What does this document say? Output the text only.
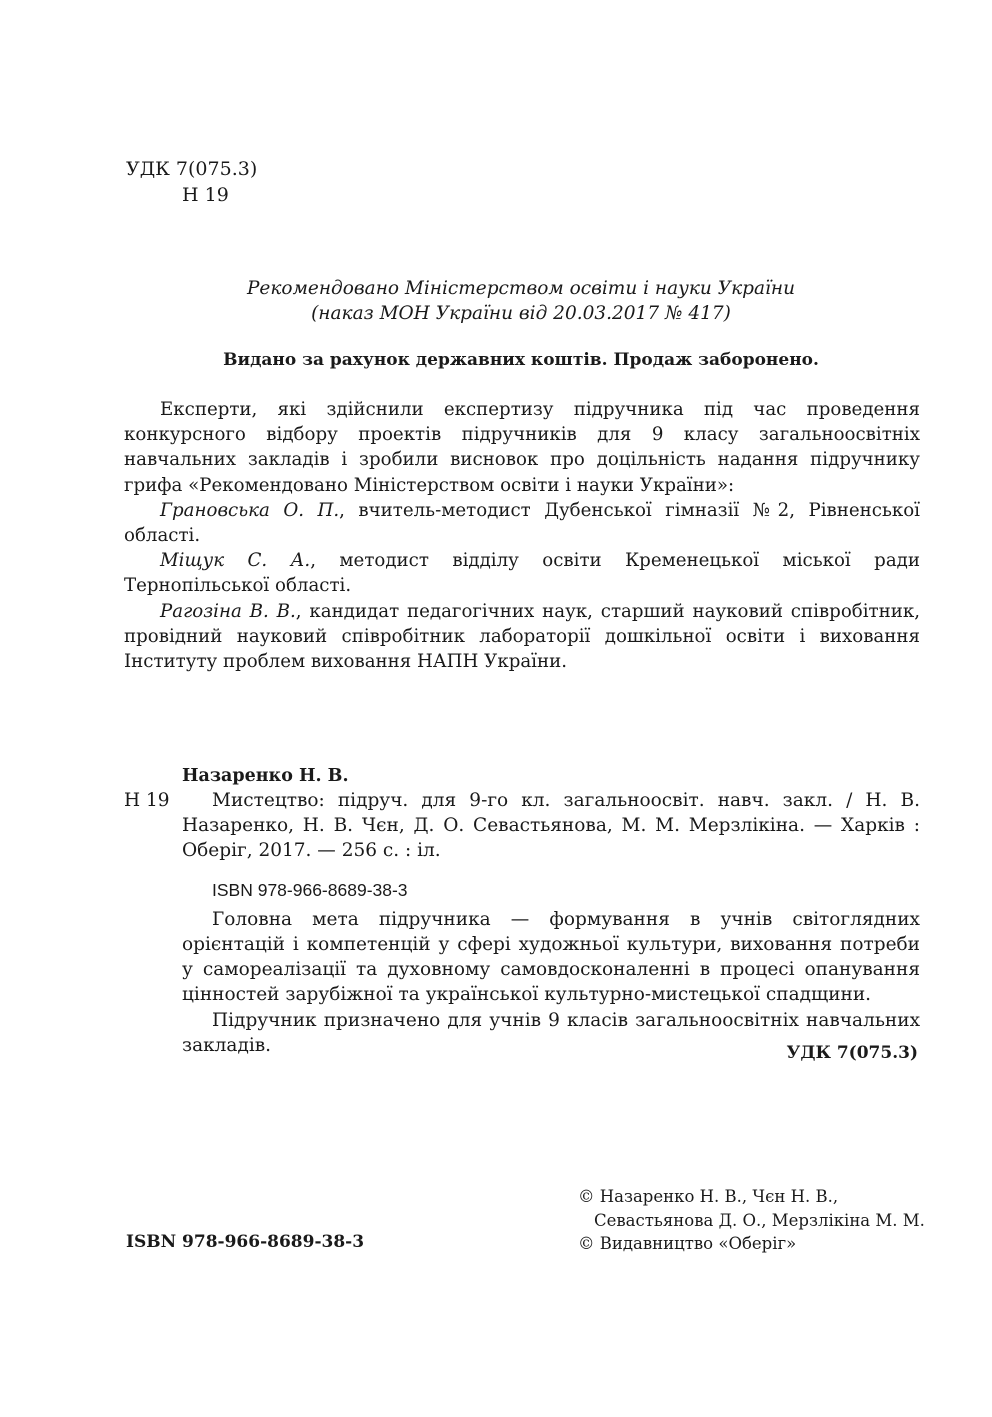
УДК 7(075.3)
Н 19
Рекомендовано Міністерством освіти і науки України
(наказ МОН України від 20.03.2017 № 417)
Видано за рахунок державних коштів. Продаж заборонено.

Експерти, які здійснили експертизу підручника під час проведення конкурсного відбору проектів підручників для 9 класу загальноосвітніх навчальних закладів і зробили висновок про доцільність надання підручнику грифа «Рекомендовано Міністерством освіти і науки України»:

Грановська О. П., вчитель-методист Дубенської гімназії №2, Рівненської області.

Міщук С. А., методист відділу освіти Кременецької міської ради Тернопільської області.

Рагозіна В. В., кандидат педагогічних наук, старший науковий співробітник, провідний науковий співробітник лабораторії дошкільної освіти і виховання Інституту проблем виховання НАПН України.

Назаренко Н. В.
Н 19	Мистецтво: підруч. для 9-го кл. загальноосвіт. навч. закл. / Н. В. Назаренко, Н. В. Чєн, Д. О. Севастьянова, М. М. Мерзлікіна. — Харків : Оберіг, 2017. — 256 с. : іл.

ISBN 978-966-8689-38-3

Головна мета підручника — формування в учнів світоглядних орієнтацій і компетенцій у сфері художньої культури, виховання потреби у самореалізації та духовному самовдосконаленні в процесі опанування цінностей зарубіжної та української культурно-мистецької спадщини.

Підручник призначено для учнів 9 класів загальноосвітніх навчальних закладів.	УДК 7(075.3)
© Назаренко Н. В., Чєн Н. В.,
Севастьянова Д. О., Мерзлікіна М. М.
© Видавництво «Оберіг»
ISBN 978-966-8689-38-3
